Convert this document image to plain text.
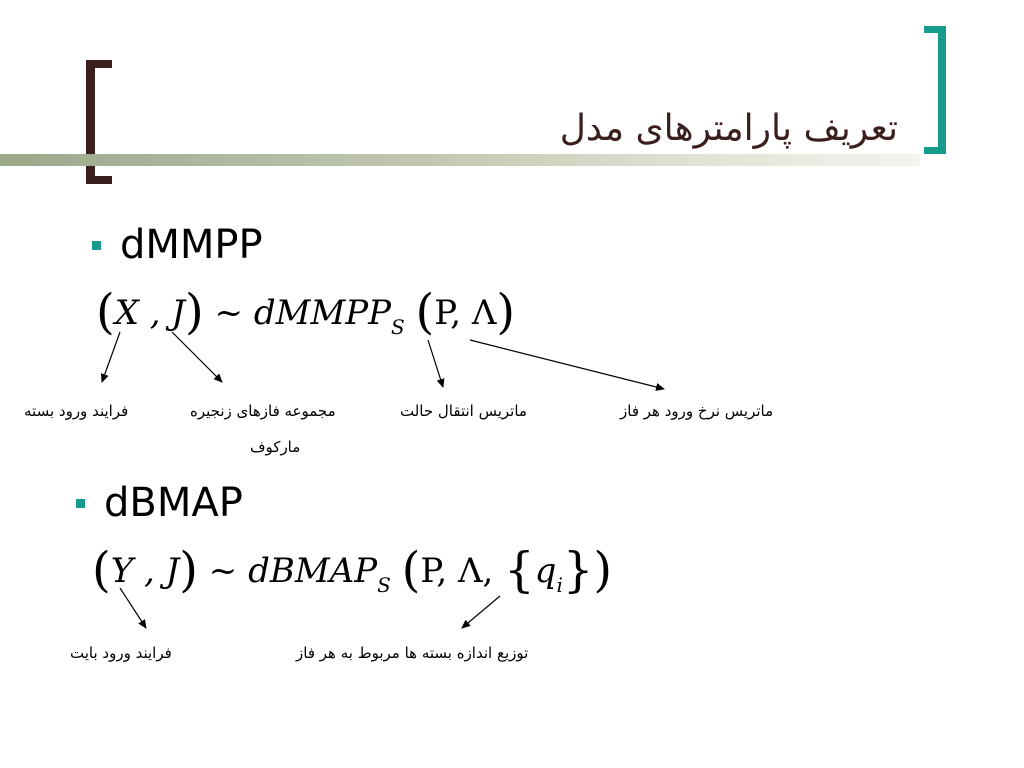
تعریف پارامترهای مدل
dMMPP
(X , J) ~ dMMPP$_S$ (P, Λ)
فرایند ورود بسته	مجموعه فازهای زنجیره
مارکوف
ماتریس انتقال حالت	ماتریس نرخ ورود هر فاز
dBMAP
(Y , J) ~ dBMAP$_S$ (P, Λ, $\{q_i\}$)
فرایند ورود بایت	توزیع اندازه بسته ها مربوط به هر فاز
